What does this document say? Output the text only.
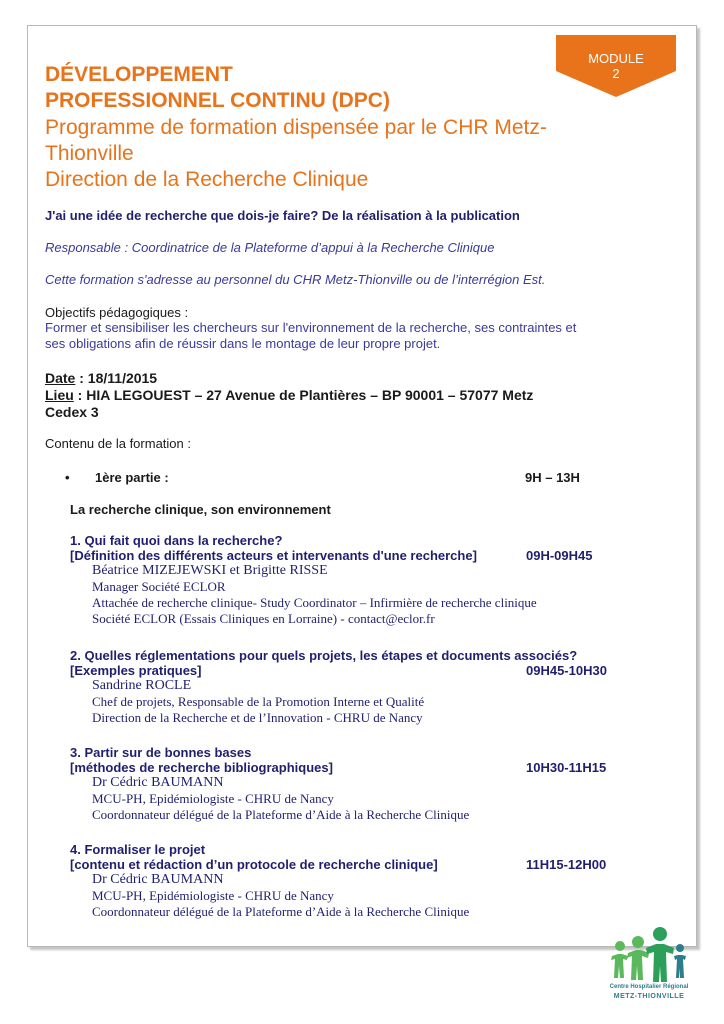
MODULE
2
DÉVELOPPEMENT
PROFESSIONNEL CONTINU (DPC)
Programme de formation dispensée par le CHR Metz-
Thionville
Direction de la Recherche Clinique
J'ai une idée de recherche que dois-je faire? De la réalisation à la publication
Responsable : Coordinatrice de la Plateforme d’appui à la Recherche Clinique
Cette formation s'adresse au personnel du CHR Metz-Thionville ou de l’interrégion Est.
Objectifs pédagogiques :
Former et sensibiliser les chercheurs sur l'environnement de la recherche, ses contraintes et
ses obligations afin de réussir dans le montage de leur propre projet.
Date : 18/11/2015
Lieu : HIA LEGOUEST – 27 Avenue de Plantières – BP 90001 – 57077 Metz
Cedex 3
Contenu de la formation :
• 1ère partie :	9H – 13H
La recherche clinique, son environnement
1. Qui fait quoi dans la recherche?
[Définition des différents acteurs et intervenants d'une recherche]	09H-09H45
Béatrice MIZEJEWSKI et Brigitte RISSE
Manager Société ECLOR
Attachée de recherche clinique- Study Coordinator – Infirmière de recherche clinique
Société ECLOR (Essais Cliniques en Lorraine) - contact@eclor.fr
2. Quelles réglementations pour quels projets, les étapes et documents associés?
[Exemples pratiques]	09H45-10H30
Sandrine ROCLE
Chef de projets, Responsable de la Promotion Interne et Qualité
Direction de la Recherche et de l’Innovation - CHRU de Nancy
3. Partir sur de bonnes bases
[méthodes de recherche bibliographiques]	10H30-11H15
Dr Cédric BAUMANN
MCU-PH, Epidémiologiste - CHRU de Nancy
Coordonnateur délégué de la Plateforme d’Aide à la Recherche Clinique
4. Formaliser le projet
[contenu et rédaction d’un protocole de recherche clinique]	11H15-12H00
Dr Cédric BAUMANN
MCU-PH, Epidémiologiste - CHRU de Nancy
Coordonnateur délégué de la Plateforme d’Aide à la Recherche Clinique
Centre Hospitalier Régional
METZ-THIONVILLE
